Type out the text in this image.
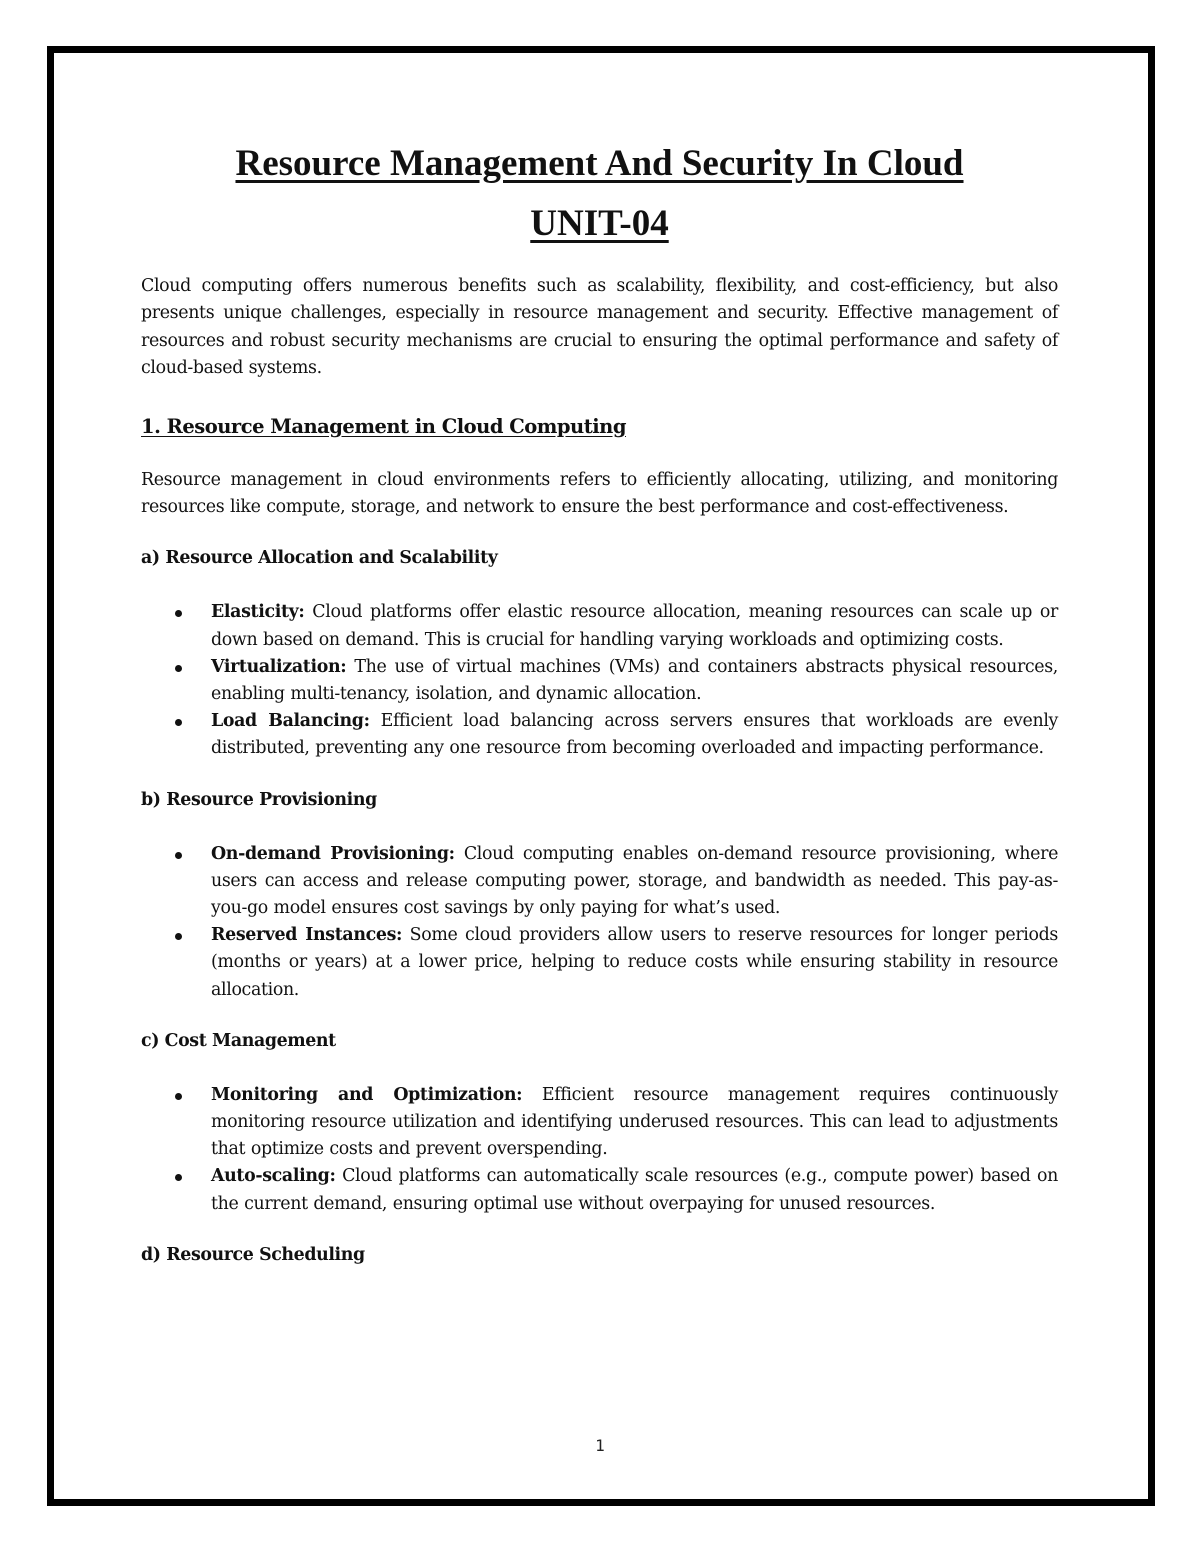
Resource Management And Security In Cloud
UNIT-04

Cloud computing offers numerous benefits such as scalability, flexibility, and cost-efficiency, but also presents unique challenges, especially in resource management and security. Effective management of resources and robust security mechanisms are crucial to ensuring the optimal performance and safety of cloud-based systems.

1. Resource Management in Cloud Computing

Resource management in cloud environments refers to efficiently allocating, utilizing, and monitoring resources like compute, storage, and network to ensure the best performance and cost-effectiveness.

a) Resource Allocation and Scalability
Elasticity: Cloud platforms offer elastic resource allocation, meaning resources can scale up or down based on demand. This is crucial for handling varying workloads and optimizing costs.
Virtualization: The use of virtual machines (VMs) and containers abstracts physical resources, enabling multi-tenancy, isolation, and dynamic allocation.
Load Balancing: Efficient load balancing across servers ensures that workloads are evenly distributed, preventing any one resource from becoming overloaded and impacting performance.
b) Resource Provisioning
On-demand Provisioning: Cloud computing enables on-demand resource provisioning, where users can access and release computing power, storage, and bandwidth as needed. This pay-as-you-go model ensures cost savings by only paying for what’s used.
Reserved Instances: Some cloud providers allow users to reserve resources for longer periods (months or years) at a lower price, helping to reduce costs while ensuring stability in resource allocation.
c) Cost Management
Monitoring and Optimization: Efficient resource management requires continuously monitoring resource utilization and identifying underused resources. This can lead to adjustments that optimize costs and prevent overspending.
Auto-scaling: Cloud platforms can automatically scale resources (e.g., compute power) based on the current demand, ensuring optimal use without overpaying for unused resources.
d) Resource Scheduling
1
